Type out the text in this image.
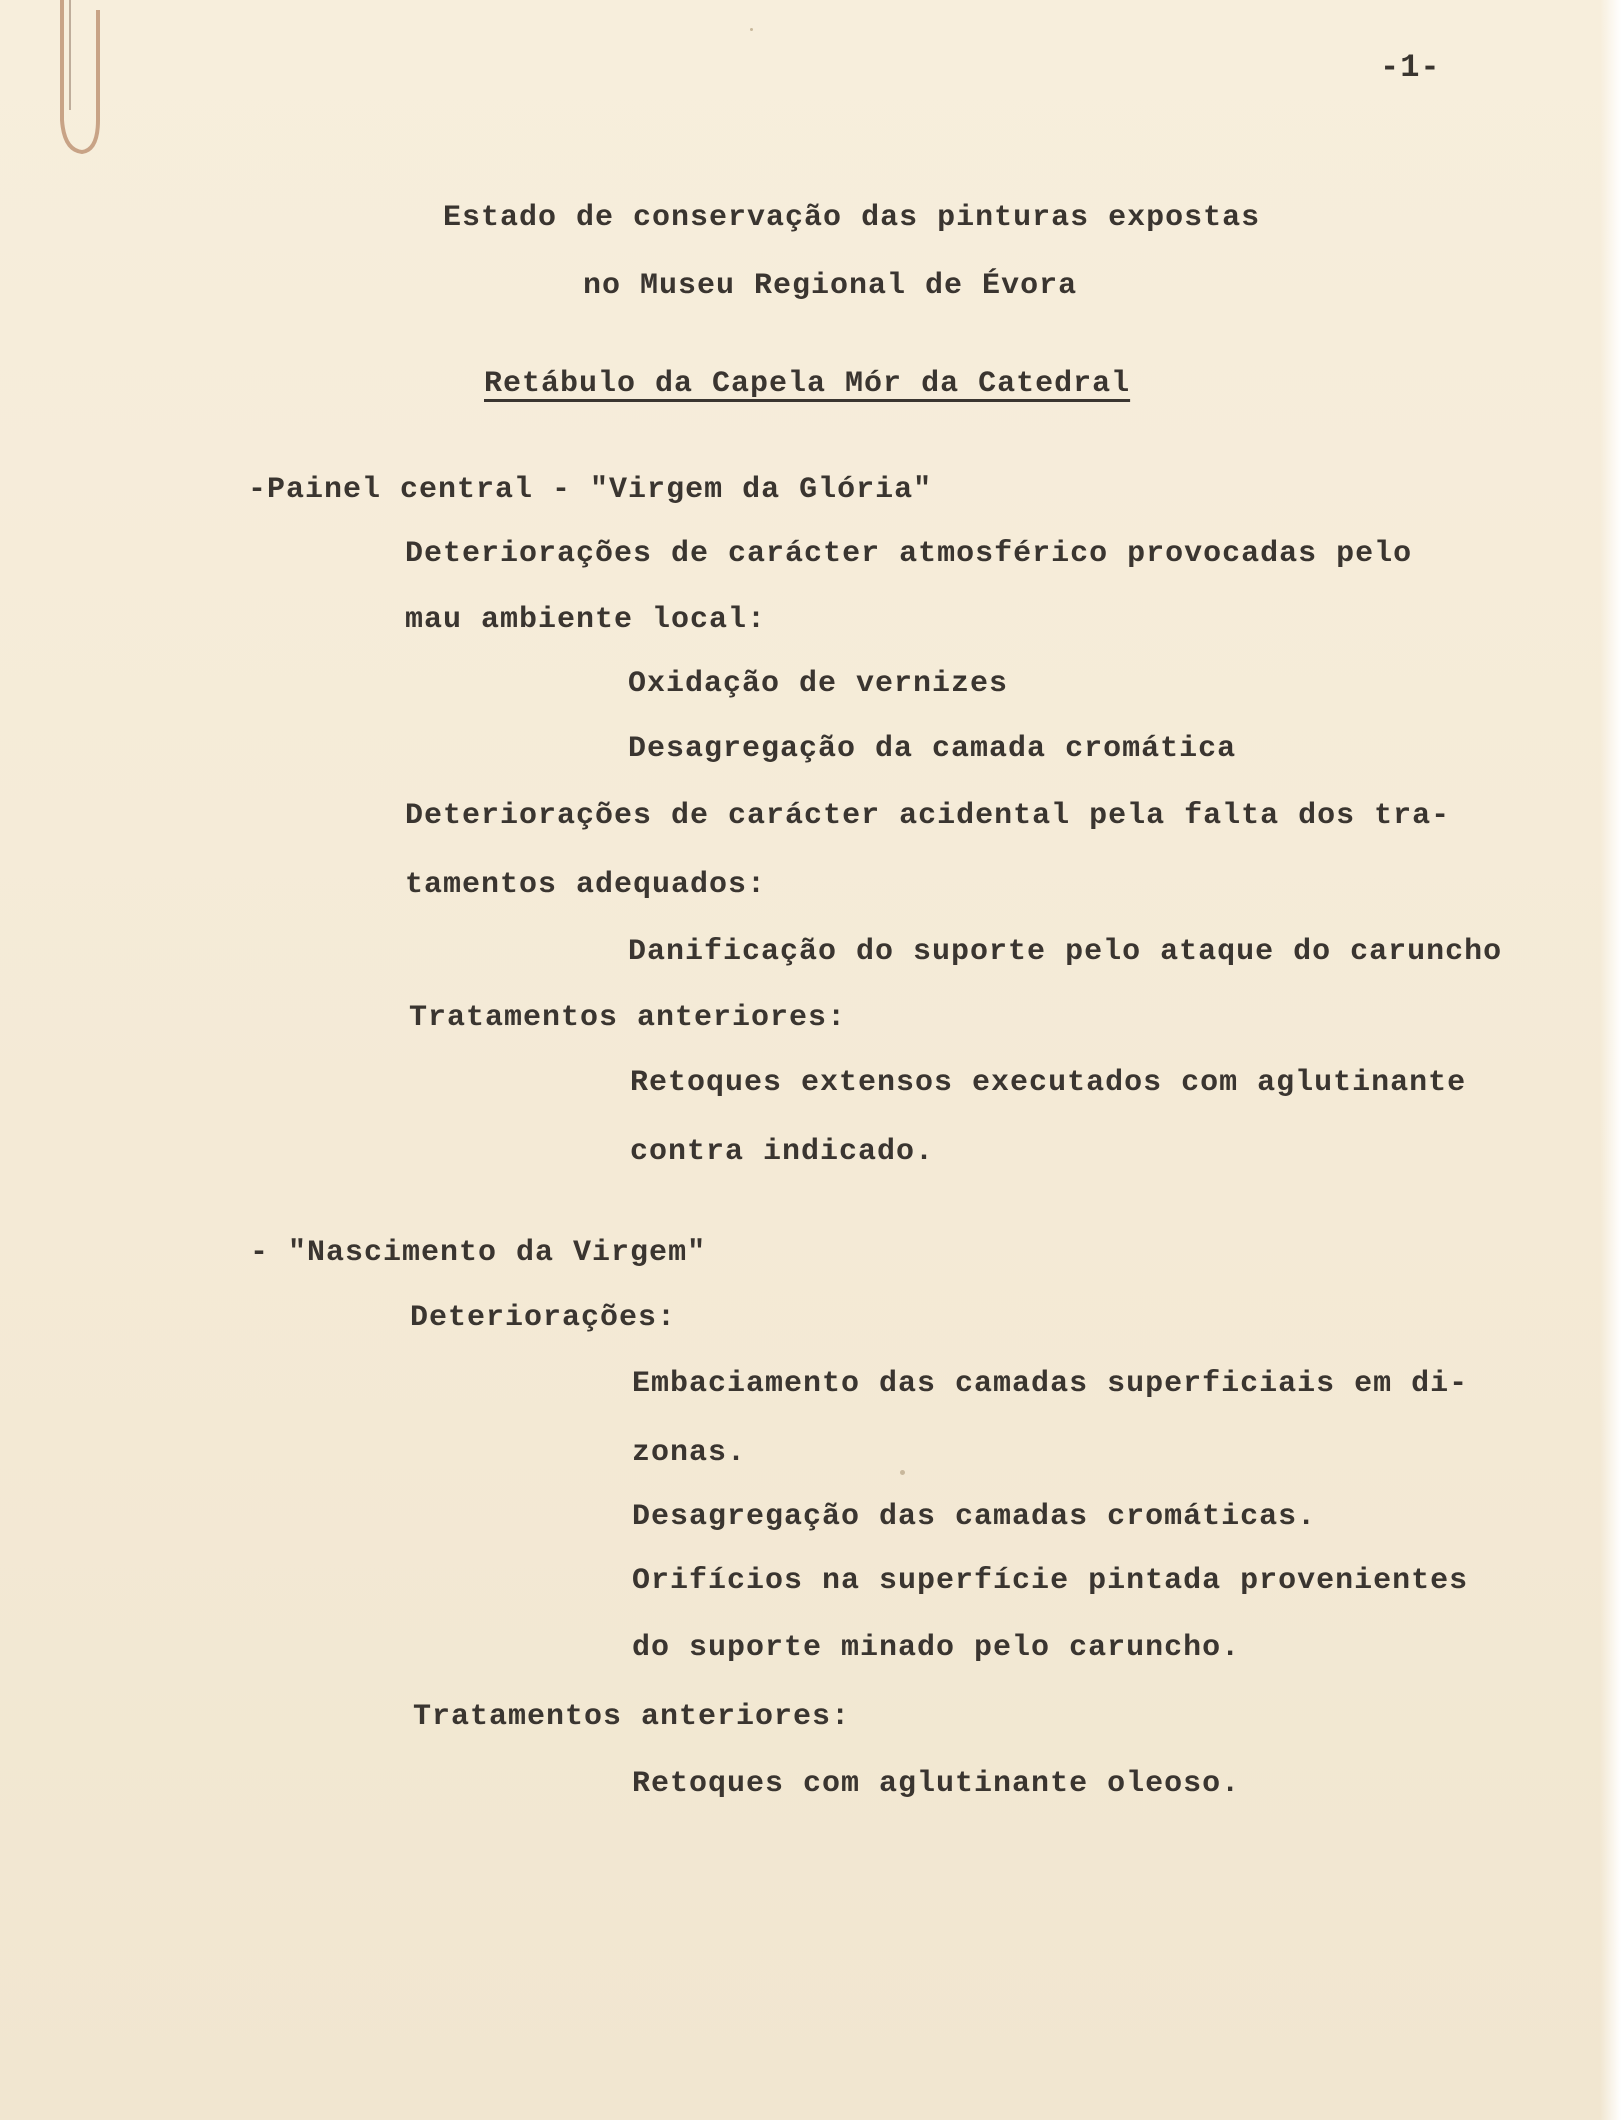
-1-
Estado de conservação das pinturas expostas
no Museu Regional de Évora
Retábulo da Capela Mór da Catedral
-Painel central - "Virgem da Glória"
Deteriorações de carácter atmosférico provocadas pelo
mau ambiente local:
Oxidação de vernizes
Desagregação da camada cromática
Deteriorações de carácter acidental pela falta dos tra-
tamentos adequados:
Danificação do suporte pelo ataque do caruncho
Tratamentos anteriores:
Retoques extensos executados com aglutinante
contra indicado.
- "Nascimento da Virgem"
Deteriorações:
Embaciamento das camadas superficiais em di-
zonas.
Desagregação das camadas cromáticas.
Orifícios na superfície pintada provenientes
do suporte minado pelo caruncho.
Tratamentos anteriores:
Retoques com aglutinante oleoso.
